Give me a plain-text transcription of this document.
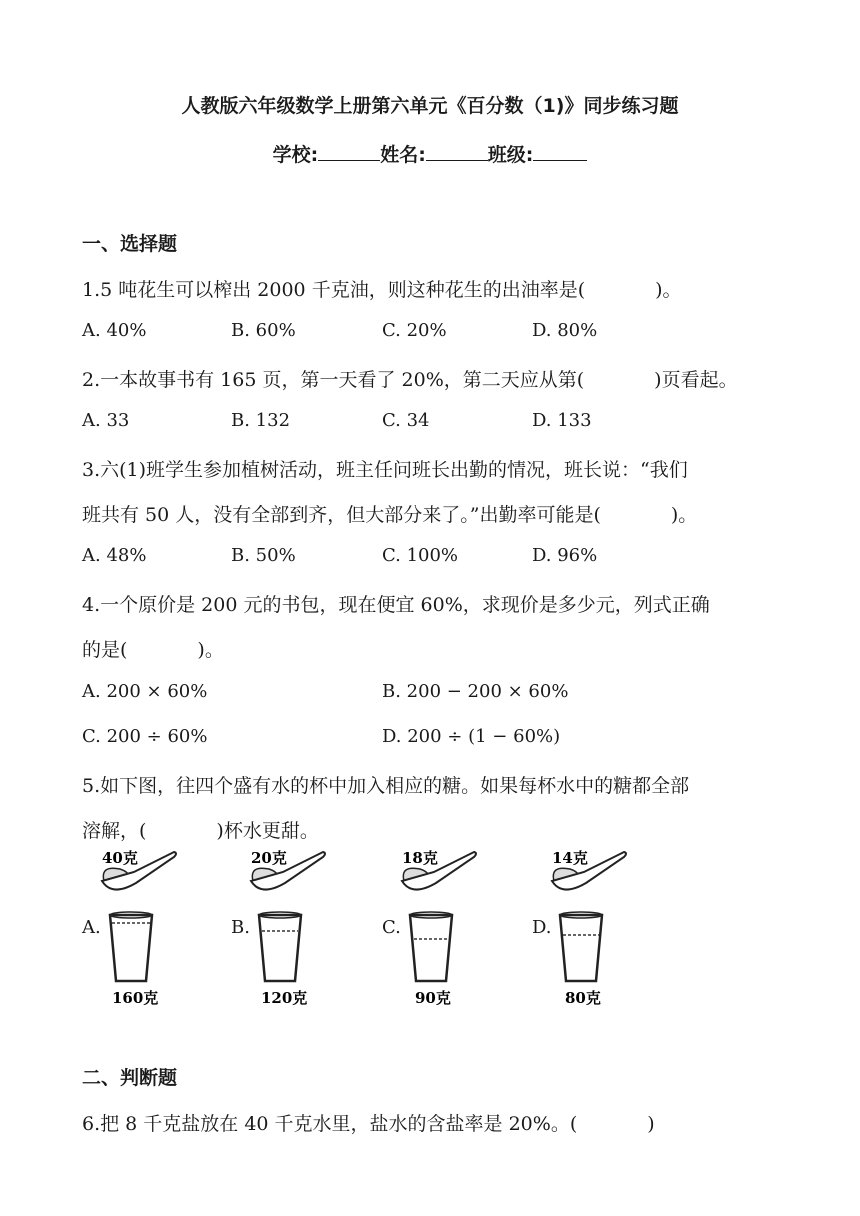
人教版六年级数学上册第六单元《百分数（1)》同步练习题
学校:	姓名:	班级:
一、选择题
1.5 吨花生可以榨出 2000 千克油，则这种花生的出油率是(	)。
A. 40%	B. 60%	C. 20%	D. 80%
2.一本故事书有 165 页，第一天看了 20%，第二天应从第(	)页看起。
A. 33	B. 132	C. 34	D. 133
3.六(1)班学生参加植树活动，班主任问班长出勤的情况，班长说：“我们
班共有 50 人，没有全部到齐，但大部分来了。”出勤率可能是(	)。
A. 48%	B. 50%	C. 100%	D. 96%
4.一个原价是 200 元的书包，现在便宜 60%，求现价是多少元，列式正确
的是(	)。
A. 200 × 60%	B. 200 − 200 × 60%
C. 200 ÷ 60%	D. 200 ÷ (1 − 60%)
5.如下图，往四个盛有水的杯中加入相应的糖。如果每杯水中的糖都全部
溶解，(	)杯水更甜。
A.
40克
160克
B.
20克
120克
C.
18克
90克
D.
14克
80克
二、判断题
6.把 8 千克盐放在 40 千克水里，盐水的含盐率是 20%。(	)
